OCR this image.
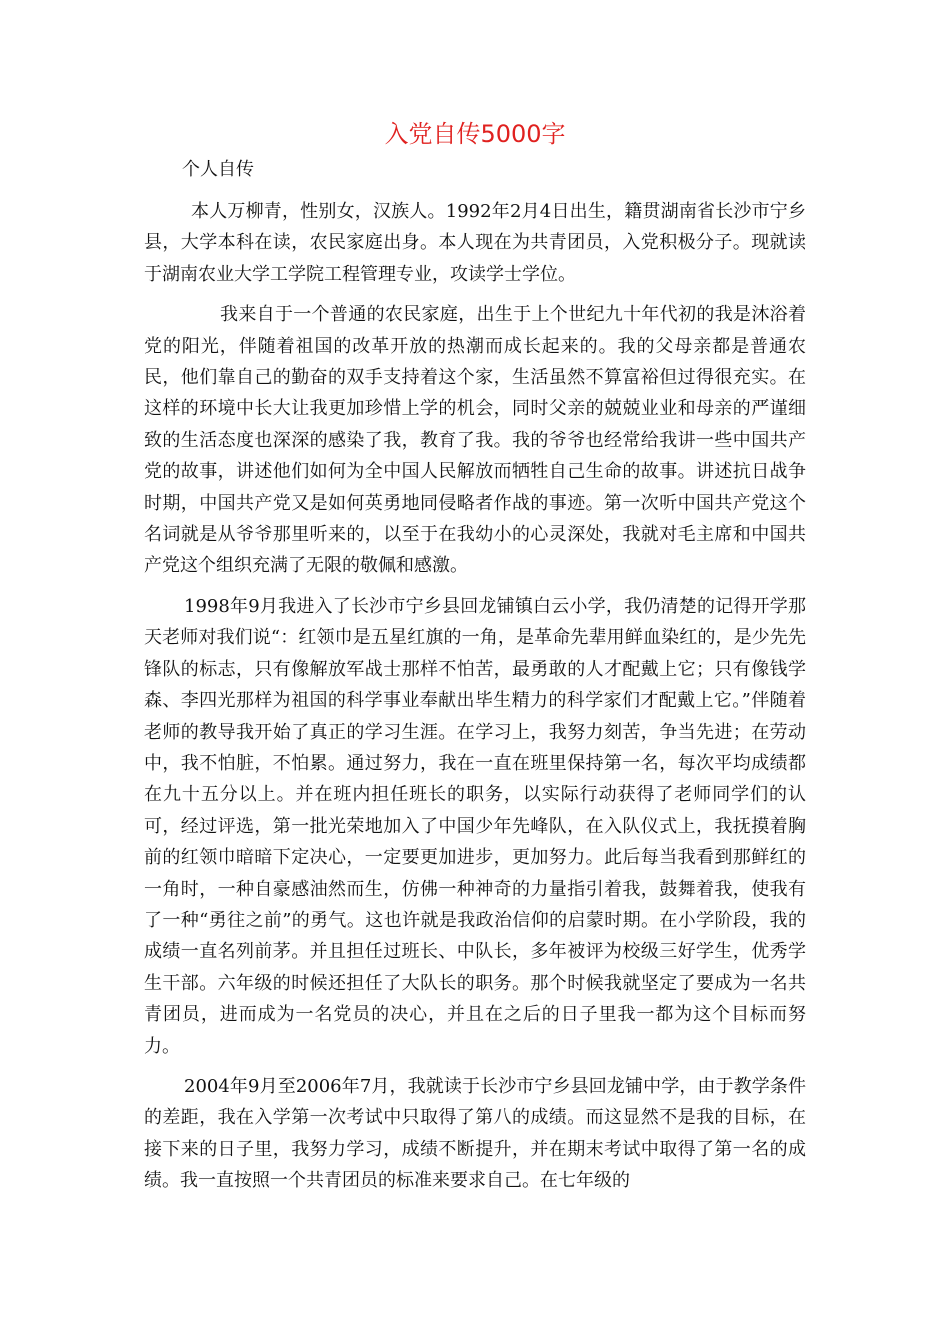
入党自传5000字
个人自传

本人万柳青，性别女，汉族人。1992年2月4日出生，籍贯湖南省长沙市宁乡县，大学本科在读，农民家庭出身。本人现在为共青团员，入党积极分子。现就读于湖南农业大学工学院工程管理专业，攻读学士学位。

我来自于一个普通的农民家庭，出生于上个世纪九十年代初的我是沐浴着党的阳光，伴随着祖国的改革开放的热潮而成长起来的。我的父母亲都是普通农民，他们靠自己的勤奋的双手支持着这个家，生活虽然不算富裕但过得很充实。在这样的环境中长大让我更加珍惜上学的机会，同时父亲的兢兢业业和母亲的严谨细致的生活态度也深深的感染了我，教育了我。我的爷爷也经常给我讲一些中国共产党的故事，讲述他们如何为全中国人民解放而牺牲自己生命的故事。讲述抗日战争时期，中国共产党又是如何英勇地同侵略者作战的事迹。第一次听中国共产党这个名词就是从爷爷那里听来的，以至于在我幼小的心灵深处，我就对毛主席和中国共产党这个组织充满了无限的敬佩和感激。

1998年9月我进入了长沙市宁乡县回龙铺镇白云小学，我仍清楚的记得开学那天老师对我们说“：红领巾是五星红旗的一角，是革命先辈用鲜血染红的，是少先先锋队的标志，只有像解放军战士那样不怕苦，最勇敢的人才配戴上它；只有像钱学森、李四光那样为祖国的科学事业奉献出毕生精力的科学家们才配戴上它。”伴随着老师的教导我开始了真正的学习生涯。在学习上，我努力刻苦，争当先进；在劳动中，我不怕脏，不怕累。通过努力，我在一直在班里保持第一名，每次平均成绩都在九十五分以上。并在班内担任班长的职务，以实际行动获得了老师同学们的认可，经过评选，第一批光荣地加入了中国少年先峰队，在入队仪式上，我抚摸着胸前的红领巾暗暗下定决心，一定要更加进步，更加努力。此后每当我看到那鲜红的一角时，一种自豪感油然而生，仿佛一种神奇的力量指引着我，鼓舞着我，使我有了一种“勇往之前”的勇气。这也许就是我政治信仰的启蒙时期。在小学阶段，我的成绩一直名列前茅。并且担任过班长、中队长，多年被评为校级三好学生，优秀学生干部。六年级的时候还担任了大队长的职务。那个时候我就坚定了要成为一名共青团员，进而成为一名党员的决心，并且在之后的日子里我一都为这个目标而努力。

2004年9月至2006年7月，我就读于长沙市宁乡县回龙铺中学，由于教学条件的差距，我在入学第一次考试中只取得了第八的成绩。而这显然不是我的目标，在接下来的日子里，我努力学习，成绩不断提升，并在期末考试中取得了第一名的成绩。我一直按照一个共青团员的标准来要求自己。在七年级的
